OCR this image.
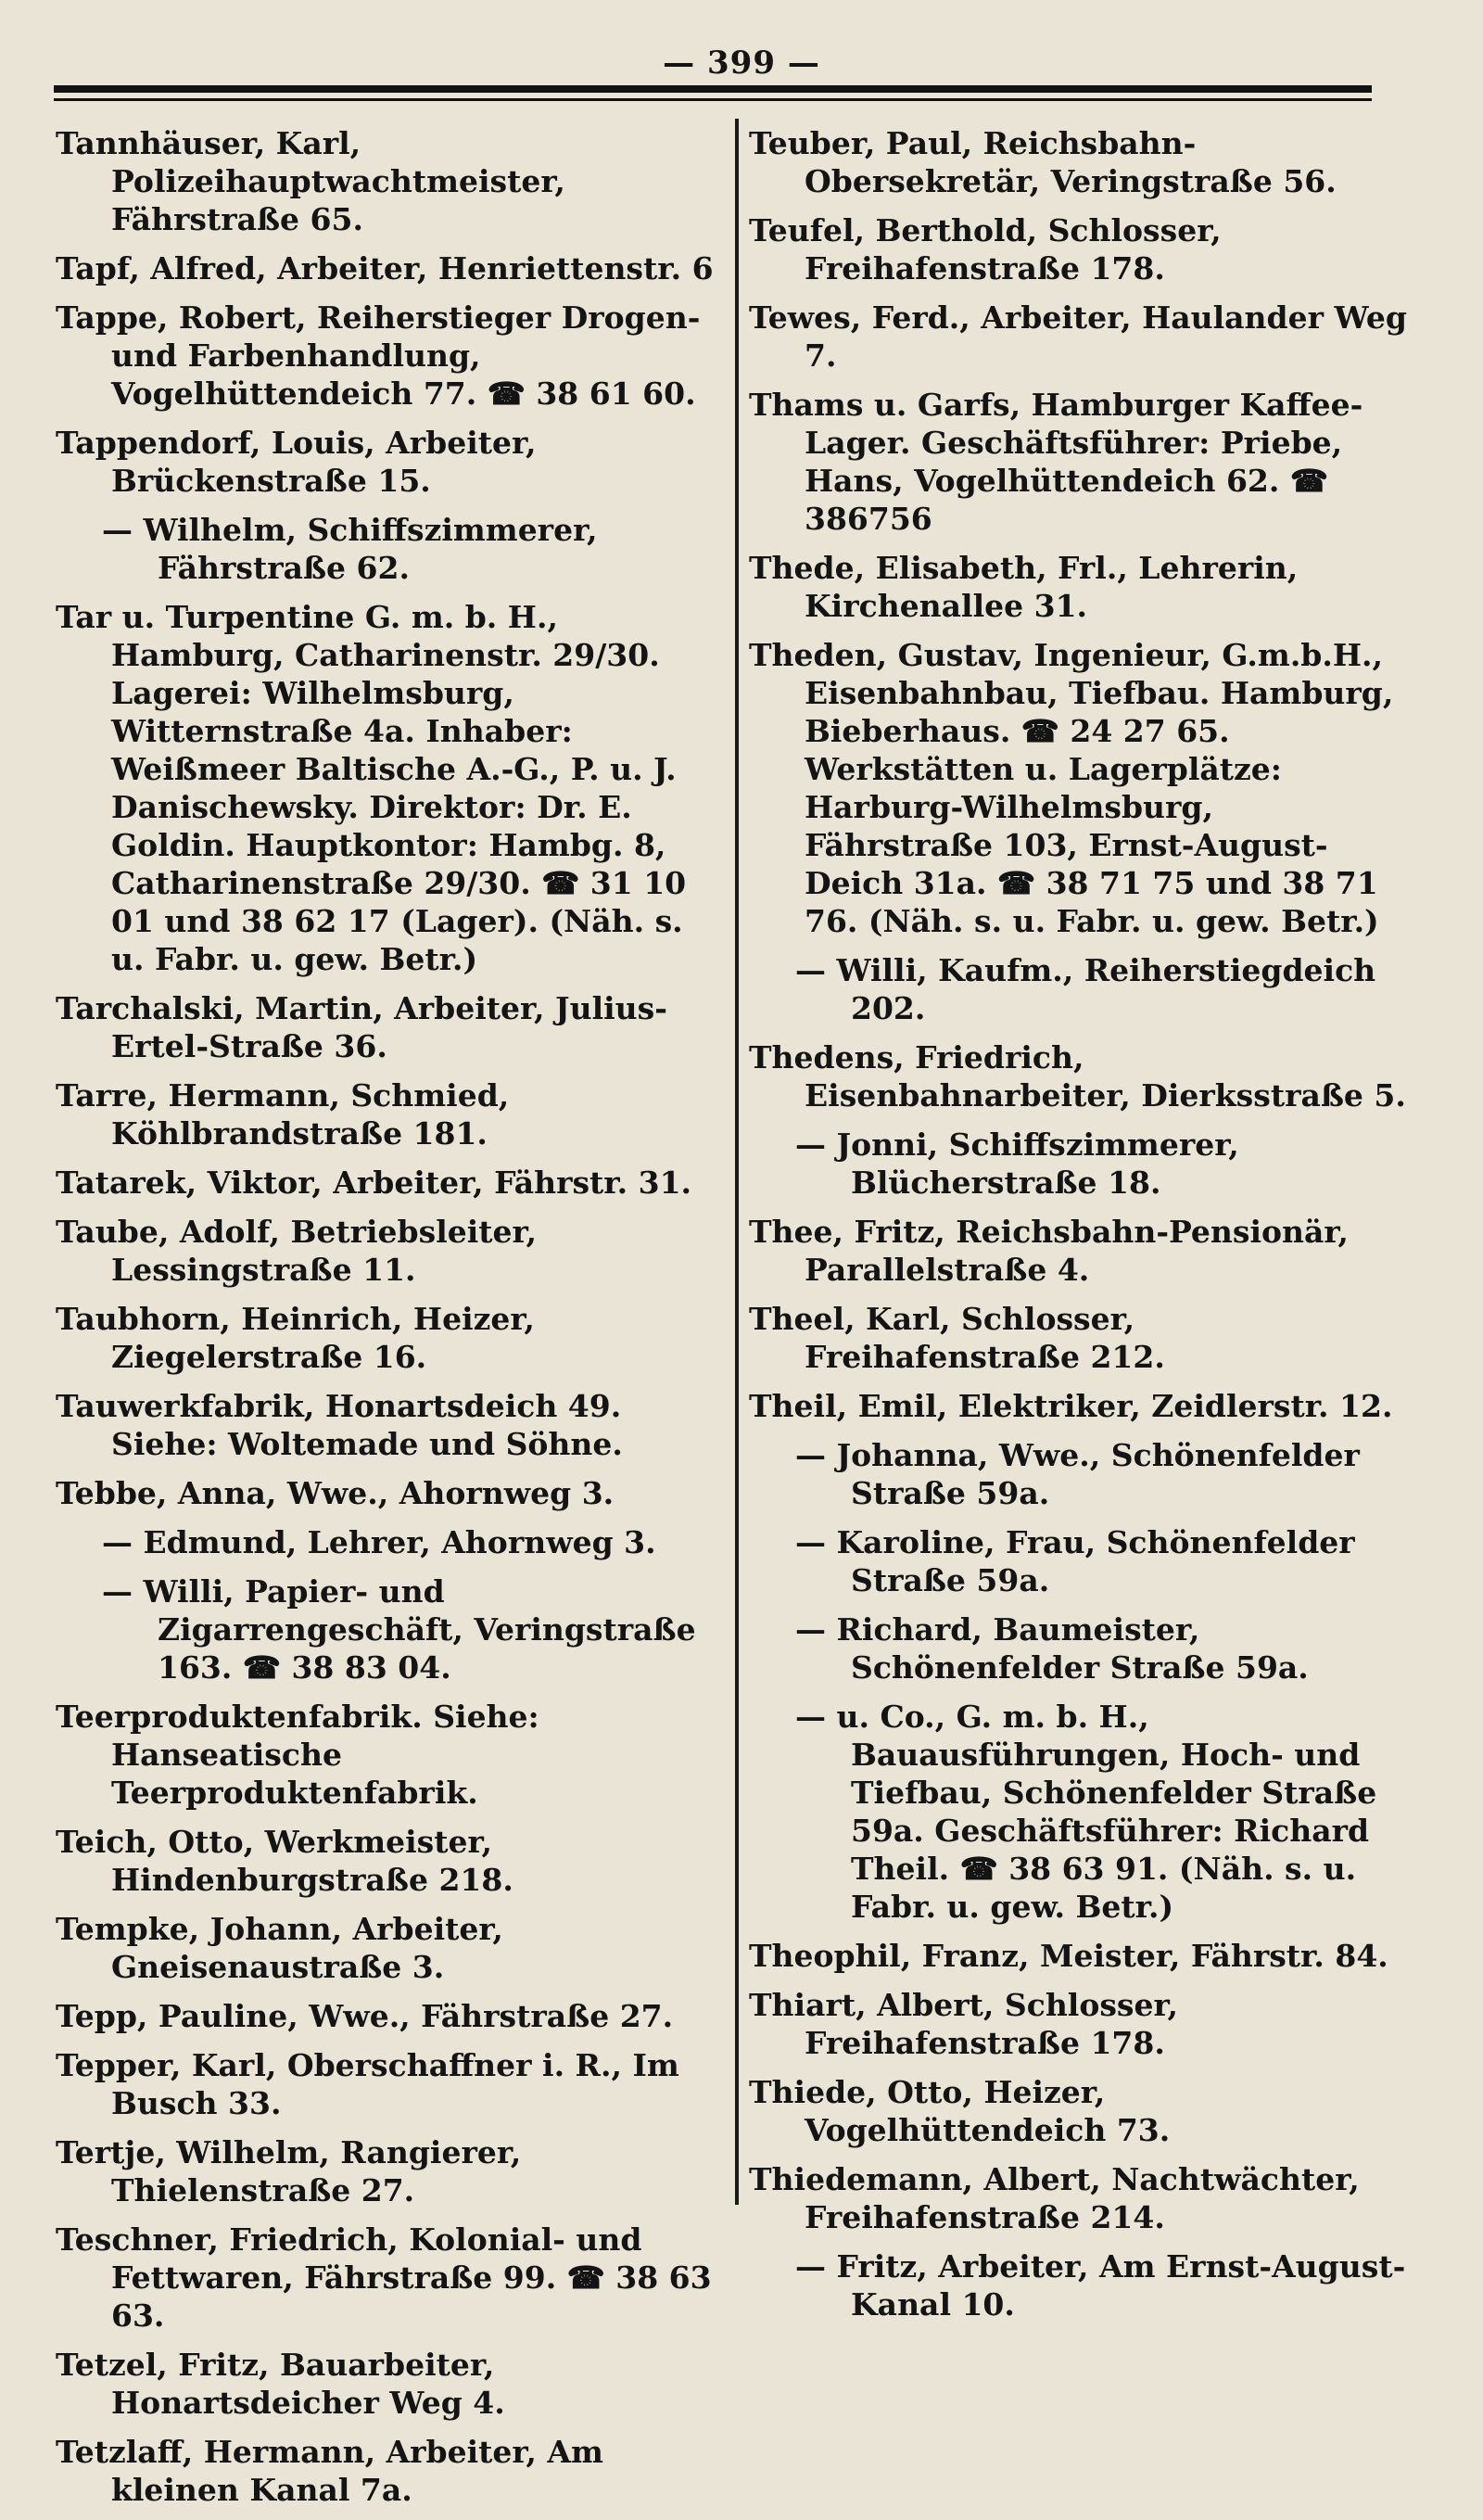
— 399 —

Tannhäuser, Karl, Polizeihauptwachtmeister, Fährstraße 65.

Tapf, Alfred, Arbeiter, Henriettenstr. 6

Tappe, Robert, Reiherstieger Drogen- und Farbenhandlung, Vogelhüttendeich 77. ☎ 38 61 60.

Tappendorf, Louis, Arbeiter, Brückenstraße 15.

— Wilhelm, Schiffszimmerer, Fährstraße 62.

Tar u. Turpentine G. m. b. H., Hamburg, Catharinenstr. 29/30. Lagerei: Wilhelmsburg, Witternstraße 4a. Inhaber: Weißmeer Baltische A.-G., P. u. J. Danischewsky. Direktor: Dr. E. Goldin. Hauptkontor: Hambg. 8, Catharinenstraße 29/30. ☎ 31 10 01 und 38 62 17 (Lager). (Näh. s. u. Fabr. u. gew. Betr.)

Tarchalski, Martin, Arbeiter, Julius-Ertel-Straße 36.

Tarre, Hermann, Schmied, Köhlbrandstraße 181.

Tatarek, Viktor, Arbeiter, Fährstr. 31.

Taube, Adolf, Betriebsleiter, Lessingstraße 11.

Taubhorn, Heinrich, Heizer, Ziegelerstraße 16.

Tauwerkfabrik, Honartsdeich 49. Siehe: Woltemade und Söhne.

Tebbe, Anna, Wwe., Ahornweg 3.

— Edmund, Lehrer, Ahornweg 3.

— Willi, Papier- und Zigarrengeschäft, Veringstraße 163. ☎ 38 83 04.

Teerproduktenfabrik. Siehe: Hanseatische Teerproduktenfabrik.

Teich, Otto, Werkmeister, Hindenburgstraße 218.

Tempke, Johann, Arbeiter, Gneisenaustraße 3.

Tepp, Pauline, Wwe., Fährstraße 27.

Tepper, Karl, Oberschaffner i. R., Im Busch 33.

Tertje, Wilhelm, Rangierer, Thielenstraße 27.

Teschner, Friedrich, Kolonial- und Fettwaren, Fährstraße 99. ☎ 38 63 63.

Tetzel, Fritz, Bauarbeiter, Honartsdeicher Weg 4.

Tetzlaff, Hermann, Arbeiter, Am kleinen Kanal 7a.

Teuber, Paul, Reichsbahn-Obersekretär, Veringstraße 56.

Teufel, Berthold, Schlosser, Freihafenstraße 178.

Tewes, Ferd., Arbeiter, Haulander Weg 7.

Thams u. Garfs, Hamburger Kaffee-Lager. Geschäftsführer: Priebe, Hans, Vogelhüttendeich 62. ☎ 386756

Thede, Elisabeth, Frl., Lehrerin, Kirchenallee 31.

Theden, Gustav, Ingenieur, G.m.b.H., Eisenbahnbau, Tiefbau. Hamburg, Bieberhaus. ☎ 24 27 65. Werkstätten u. Lagerplätze: Harburg-Wilhelmsburg, Fährstraße 103, Ernst-August-Deich 31a. ☎ 38 71 75 und 38 71 76. (Näh. s. u. Fabr. u. gew. Betr.)

— Willi, Kaufm., Reiherstiegdeich 202.

Thedens, Friedrich, Eisenbahnarbeiter, Dierksstraße 5.

— Jonni, Schiffszimmerer, Blücherstraße 18.

Thee, Fritz, Reichsbahn-Pensionär, Parallelstraße 4.

Theel, Karl, Schlosser, Freihafenstraße 212.

Theil, Emil, Elektriker, Zeidlerstr. 12.

— Johanna, Wwe., Schönenfelder Straße 59a.

— Karoline, Frau, Schönenfelder Straße 59a.

— Richard, Baumeister, Schönenfelder Straße 59a.

— u. Co., G. m. b. H., Bauausführungen, Hoch- und Tiefbau, Schönenfelder Straße 59a. Geschäftsführer: Richard Theil. ☎ 38 63 91. (Näh. s. u. Fabr. u. gew. Betr.)

Theophil, Franz, Meister, Fährstr. 84.

Thiart, Albert, Schlosser, Freihafenstraße 178.

Thiede, Otto, Heizer, Vogelhüttendeich 73.

Thiedemann, Albert, Nachtwächter, Freihafenstraße 214.

— Fritz, Arbeiter, Am Ernst-August-Kanal 10.
